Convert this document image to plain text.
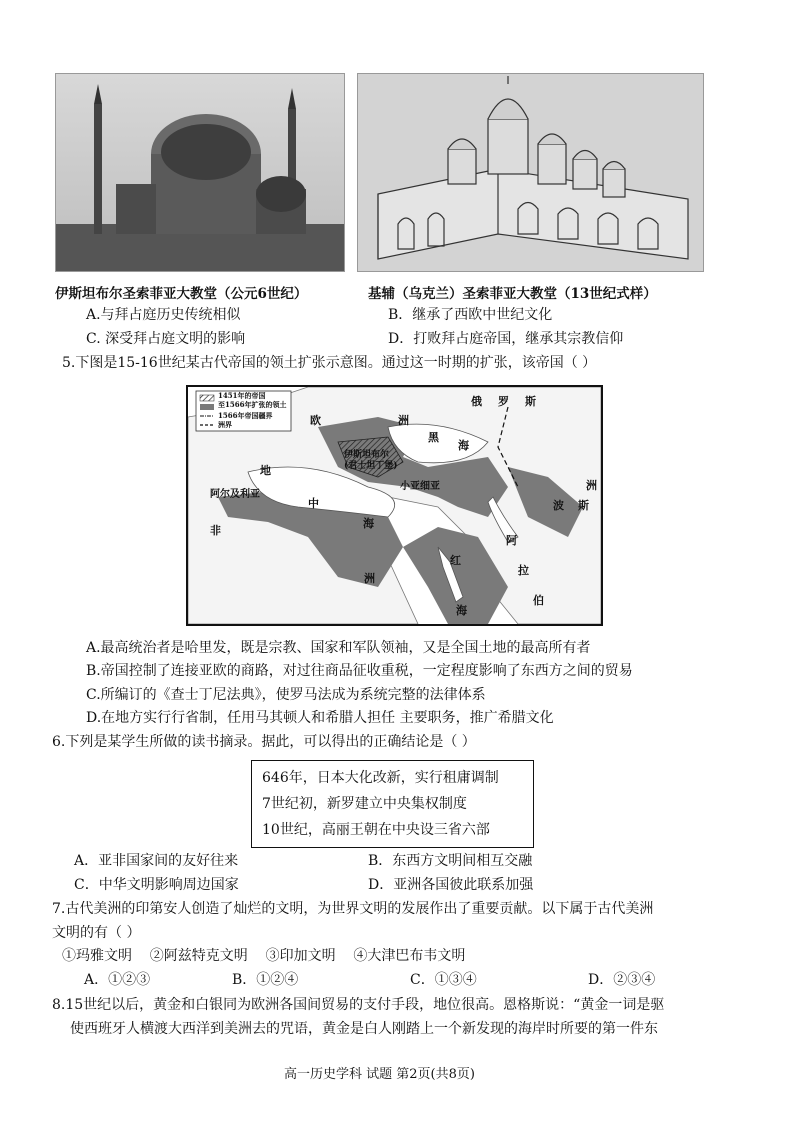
伊斯坦布尔圣索菲亚大教堂（公元6世纪）	基辅（乌克兰）圣索菲亚大教堂（13世纪式样）
A.与拜占庭历史传统相似	B．继承了西欧中世纪文化
C. 深受拜占庭文明的影响	D．打败拜占庭帝国，继承其宗教信仰
5.下图是15-16世纪某古代帝国的领土扩张示意图。通过这一时期的扩张，该帝国（ ）
1451年的帝国
至1566年扩张的领土
1566年帝国疆界
洲界
俄 罗 斯
欧	洲
黑
海
伊斯坦布尔
(君士坦丁堡)
小亚细亚
阿尔及利亚
地
中
海
非
洲
红
海
阿
拉
伯
波 斯
洲
A.最高统治者是哈里发，既是宗教、国家和军队领袖，又是全国土地的最高所有者
B.帝国控制了连接亚欧的商路，对过往商品征收重税，一定程度影响了东西方之间的贸易
C.所编订的《查士丁尼法典》，使罗马法成为系统完整的法律体系
D.在地方实行行省制，任用马其顿人和希腊人担任 主要职务，推广希腊文化
6.下列是某学生所做的读书摘录。据此，可以得出的正确结论是（ ）
646年，日本大化改新，实行租庸调制
7世纪初，新罗建立中央集权制度
10世纪，高丽王朝在中央设三省六部
A．亚非国家间的友好往来	B．东西方文明间相互交融
C．中华文明影响周边国家	D．亚洲各国彼此联系加强
7.古代美洲的印第安人创造了灿烂的文明，为世界文明的发展作出了重要贡献。以下属于古代美洲
文明的有（ ）
①玛雅文明    ②阿兹特克文明    ③印加文明    ④大津巴布韦文明
A．①②③	B．①②④	C．①③④	D．②③④
8.15世纪以后，黄金和白银同为欧洲各国间贸易的支付手段，地位很高。恩格斯说：“黄金一词是驱
使西班牙人横渡大西洋到美洲去的咒语，黄金是白人刚踏上一个新发现的海岸时所要的第一件东
高一历史学科 试题 第2页(共8页)
